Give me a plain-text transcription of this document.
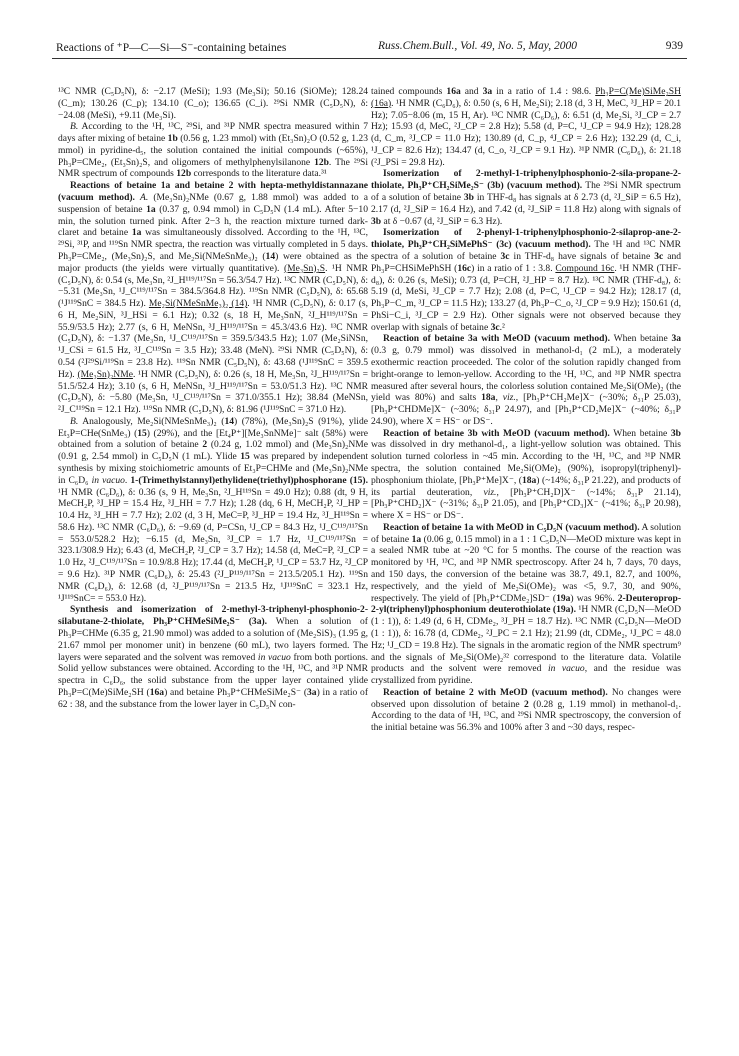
Reactions of ⁺P—C—Si—S⁻-containing betaines	Russ.Chem.Bull., Vol. 49, No. 5, May, 2000	939

¹³C NMR (C₅D₅N), δ: −2.17 (MeSi); 1.93 (Me₃Si); 50.16 (SiOMe); 128.24 (C_m); 130.26 (C_p); 134.10 (C_o); 136.65 (C_i). ²⁹Si NMR (C₅D₅N), δ: −24.08 (MeSi), +9.11 (Me₃Si).

B. According to the ¹H, ¹³C, ²⁹Si, and ³¹P NMR spectra measured within 7 days after mixing of betaine 1b (0.56 g, 1.23 mmol) with (Et₃Sn)₂O (0.52 g, 1.23 mmol) in pyridine-d₅, the solution contained the initial compounds (~65%), Ph₃P=CMe₂, (Et₃Sn)₂S, and oligomers of methylphenylsilanone 12b. The ²⁹Si NMR spectrum of compounds 12b corresponds to the literature data.³¹

Reactions of betaine 1a and betaine 2 with hepta-methyldistannazane (vacuum method). A. (Me₃Sn)₂NMe (0.67 g, 1.88 mmol) was added to a suspension of betaine 1a (0.37 g, 0.94 mmol) in C₅D₅N (1.4 mL). After 5−10 min, the solution turned pink. After 2−3 h, the reaction mixture turned dark-claret and betaine 1a was simultaneously dissolved. According to the ¹H, ¹³C, ²⁹Si, ³¹P, and ¹¹⁹Sn NMR spectra, the reaction was virtually completed in 5 days. Ph₃P=CMe₂, (Me₃Sn)₂S, and Me₂Si(NMeSnMe₃)₂ (14) were obtained as the major products (the yields were virtually quantitative). (Me₃Sn)₂S. ¹H NMR (C₅D₅N), δ: 0.54 (s, Me₃Sn, ²J_H¹¹⁹/¹¹⁷Sn = 56.3/54.7 Hz). ¹³C NMR (C₅D₅N), δ: −5.31 (Me₃Sn, ¹J_C¹¹⁹/¹¹⁷Sn = 384.5/364.8 Hz). ¹¹⁹Sn NMR (C₅D₅N), δ: 65.68 (¹J¹¹⁹SnC = 384.5 Hz). Me₂Si(NMeSnMe₃)₂ (14). ¹H NMR (C₅D₅N), δ: 0.17 (s, 6 H, Me₂SiN, ³J_HSi = 6.1 Hz); 0.32 (s, 18 H, Me₃SnN, ²J_H¹¹⁹/¹¹⁷Sn = 55.9/53.5 Hz); 2.77 (s, 6 H, MeNSn, ³J_H¹¹⁹/¹¹⁷Sn = 45.3/43.6 Hz). ¹³C NMR (C₅D₅N), δ: −1.37 (Me₃Sn, ¹J_C¹¹⁹/¹¹⁷Sn = 359.5/343.5 Hz); 1.07 (Me₂SiNSn, ¹J_CSi = 61.5 Hz, ³J_C¹¹⁹Sn = 3.5 Hz); 33.48 (MeN). ²⁹Si NMR (C₅D₅N), δ: 0.54 (²J²⁹Si/¹¹⁹Sn = 23.8 Hz). ¹¹⁹Sn NMR (C₅D₅N), δ: 43.68 (¹J¹¹⁹SnC = 359.5 Hz). (Me₃Sn)₂NMe. ¹H NMR (C₅D₅N), δ: 0.26 (s, 18 H, Me₃Sn, ²J_H¹¹⁹/¹¹⁷Sn = 51.5/52.4 Hz); 3.10 (s, 6 H, MeNSn, ³J_H¹¹⁹/¹¹⁷Sn = 53.0/51.3 Hz). ¹³C NMR (C₅D₅N), δ: −5.80 (Me₃Sn, ¹J_C¹¹⁹/¹¹⁷Sn = 371.0/355.1 Hz); 38.84 (MeNSn, ²J_C¹¹⁹Sn = 12.1 Hz). ¹¹⁹Sn NMR (C₅D₅N), δ: 81.96 (¹J¹¹⁹SnC = 371.0 Hz).

B. Analogously, Me₂Si(NMeSnMe₃)₂ (14) (78%), (Me₃Sn)₂S (91%), ylide Et₃P=CHe(SnMe₃) (15) (29%), and the [Et₄P⁺][Me₃SnNMe]⁻ salt (58%) were obtained from a solution of betaine 2 (0.24 g, 1.02 mmol) and (Me₃Sn)₂NMe (0.91 g, 2.54 mmol) in C₅D₅N (1 mL). Ylide 15 was prepared by independent synthesis by mixing stoichiometric amounts of Et₃P=CHMe and (Me₃Sn)₂NMe in C₆D₆ in vacuo. 1-(Trimethylstannyl)ethylidene(triethyl)phosphorane (15). ¹H NMR (C₆D₆), δ: 0.36 (s, 9 H, Me₃Sn, ²J_H¹¹⁹Sn = 49.0 Hz); 0.88 (dt, 9 H, MeCH₂P, ³J_HP = 15.4 Hz, ³J_HH = 7.7 Hz); 1.28 (dq, 6 H, MeCH₂P, ²J_HP = 10.4 Hz, ³J_HH = 7.7 Hz); 2.02 (d, 3 H, MeC=P, ³J_HP = 19.4 Hz, ³J_H¹¹⁹Sn = 58.6 Hz). ¹³C NMR (C₆D₆), δ: −9.69 (d, P=CSn, ¹J_CP = 84.3 Hz, ¹J_C¹¹⁹/¹¹⁷Sn = 553.0/528.2 Hz); −6.15 (d, Me₃Sn, ³J_CP = 1.7 Hz, ¹J_C¹¹⁹/¹¹⁷Sn = 323.1/308.9 Hz); 6.43 (d, MeCH₂P, ²J_CP = 3.7 Hz); 14.58 (d, MeC=P, ²J_CP = 1.0 Hz, ²J_C¹¹⁹/¹¹⁷Sn = 10.9/8.8 Hz); 17.44 (d, MeCH₂P, ¹J_CP = 53.7 Hz, ²J_CP = 9.6 Hz). ³¹P NMR (C₆D₆), δ: 25.43 (²J_P¹¹⁹/¹¹⁷Sn = 213.5/205.1 Hz). ¹¹⁹Sn NMR (C₆D₆), δ: 12.68 (d, ²J_P¹¹⁹/¹¹⁷Sn = 213.5 Hz, ¹J¹¹⁹SnC = 323.1 Hz, ¹J¹¹⁹SnC= = 553.0 Hz).

Synthesis and isomerization of 2-methyl-3-triphenyl-phosphonio-2-silabutane-2-thiolate, Ph₃P⁺CHMeSiMe₂S⁻ (3a). When a solution of Ph₃P=CHMe (6.35 g, 21.90 mmol) was added to a solution of (Me₂SiS)₃ (1.95 g, 21.67 mmol per monomer unit) in benzene (60 mL), two layers formed. The layers were separated and the solvent was removed in vacuo from both portions. Solid yellow substances were obtained. According to the ¹H, ¹³C, and ³¹P NMR spectra in C₆D₆, the solid substance from the upper layer contained ylide Ph₃P=C(Me)SiMe₂SH (16a) and betaine Ph₃P⁺CHMeSiMe₂S⁻ (3a) in a ratio of 62 : 38, and the substance from the lower layer in C₅D₅N con-

tained compounds 16a and 3a in a ratio of 1.4 : 98.6. Ph₃P=C(Me)SiMe₂SH (16a). ¹H NMR (C₆D₆), δ: 0.50 (s, 6 H, Me₂Si); 2.18 (d, 3 H, MeC, ³J_HP = 20.1 Hz); 7.05−8.06 (m, 15 H, Ar). ¹³C NMR (C₆D₆), δ: 6.51 (d, Me₂Si, ³J_CP = 2.7 Hz); 15.93 (d, MeC, ²J_CP = 2.8 Hz); 5.58 (d, P=C, ¹J_CP = 94.9 Hz); 128.28 (d, C_m, ³J_CP = 11.0 Hz); 130.89 (d, C_p, ⁴J_CP = 2.6 Hz); 132.29 (d, C_i, ¹J_CP = 82.6 Hz); 134.47 (d, C_o, ²J_CP = 9.1 Hz). ³¹P NMR (C₆D₆), δ: 21.18 (²J_PSi = 29.8 Hz).

Isomerization of 2-methyl-1-triphenylphosphonio-2-sila-propane-2-thiolate, Ph₃P⁺CH₂SiMe₂S⁻ (3b) (vacuum method). The ²⁹Si NMR spectrum of a solution of betaine 3b in THF-d₈ has signals at δ 2.73 (d, ²J_SiP = 6.5 Hz), 2.17 (d, ²J_SiP = 16.4 Hz), and 7.42 (d, ²J_SiP = 11.8 Hz) along with signals of 3b at δ −0.67 (d, ²J_SiP = 6.3 Hz).

Isomerization of 2-phenyl-1-triphenylphosphonio-2-silaprop-ane-2-thiolate, Ph₃P⁺CH₂SiMePhS⁻ (3c) (vacuum method). The ¹H and ¹³C NMR spectra of a solution of betaine 3c in THF-d₈ have signals of betaine 3c and Ph₃P=CHSiMePhSH (16c) in a ratio of 1 : 3.8. Compound 16c. ¹H NMR (THF-d₈), δ: 0.26 (s, MeSi); 0.73 (d, P=CH, ²J_HP = 8.7 Hz). ¹³C NMR (THF-d₈), δ: 5.19 (d, MeSi, ³J_CP = 7.7 Hz); 2.08 (d, P=C, ¹J_CP = 94.2 Hz); 128.17 (d, Ph₃P−C_m, ³J_CP = 11.5 Hz); 133.27 (d, Ph₃P−C_o, ²J_CP = 9.9 Hz); 150.61 (d, PhSi−C_i, ³J_CP = 2.9 Hz). Other signals were not observed because they overlap with signals of betaine 3c.²

Reaction of betaine 3a with MeOD (vacuum method). When betaine 3a (0.3 g, 0.79 mmol) was dissolved in methanol-d₁ (2 mL), a moderately exothermic reaction proceeded. The color of the solution rapidly changed from bright-orange to lemon-yellow. According to the ¹H, ¹³C, and ³¹P NMR spectra measured after several hours, the colorless solution contained Me₂Si(OMe)₂ (the yield was 80%) and salts 18a, viz., [Ph₃P⁺CH₂Me]X⁻ (~30%; δ₃₁P 25.03), [Ph₃P⁺CHDMe]X⁻ (~30%; δ₃₁P 24.97), and [Ph₃P⁺CD₂Me]X⁻ (~40%; δ₃₁P 24.90), where X = HS⁻ or DS⁻.

Reaction of betaine 3b with MeOD (vacuum method). When betaine 3b was dissolved in dry methanol-d₁, a light-yellow solution was obtained. This solution turned colorless in ~45 min. According to the ¹H, ¹³C, and ³¹P NMR spectra, the solution contained Me₂Si(OMe)₂ (90%), isopropyl(triphenyl)-phosphonium thiolate, [Ph₃P⁺Me]X⁻, (18a) (~14%; δ₃₁P 21.22), and products of its partial deuteration, viz., [Ph₃P⁺CH₂D]X⁻ (~14%; δ₃₁P 21.14), [Ph₃P⁺CHD₂]X⁻ (~31%; δ₃₁P 21.05), and [Ph₃P⁺CD₃]X⁻ (~41%; δ₃₁P 20.98), where X = HS⁻ or DS⁻.

Reaction of betaine 1a with MeOD in C₅D₅N (vacuum method). A solution of betaine 1a (0.06 g, 0.15 mmol) in a 1 : 1 C₅D₅N—MeOD mixture was kept in a sealed NMR tube at ~20 °C for 5 months. The course of the reaction was monitored by ¹H, ¹³C, and ³¹P NMR spectroscopy. After 24 h, 7 days, 70 days, and 150 days, the conversion of the betaine was 38.7, 49.1, 82.7, and 100%, respectively, and the yield of Me₂Si(OMe)₂ was <5, 9.7, 30, and 90%, respectively. The yield of [Ph₃P⁺CDMe₂]SD⁻ (19a) was 96%. 2-Deuteroprop-2-yl(triphenyl)phosphonium deuterothiolate (19a). ¹H NMR (C₅D₅N—MeOD (1 : 1)), δ: 1.49 (d, 6 H, CDMe₂, ³J_PH = 18.7 Hz). ¹³C NMR (C₅D₅N—MeOD (1 : 1)), δ: 16.78 (d, CDMe₂, ²J_PC = 2.1 Hz); 21.99 (dt, CDMe₂, ¹J_PC = 48.0 Hz; ¹J_CD = 19.8 Hz). The signals in the aromatic region of the NMR spectrum⁹ and the signals of Me₂Si(OMe)₂³² correspond to the literature data. Volatile products and the solvent were removed in vacuo, and the residue was crystallized from pyridine.

Reaction of betaine 2 with MeOD (vacuum method). No changes were observed upon dissolution of betaine 2 (0.28 g, 1.19 mmol) in methanol-d₁. According to the data of ¹H, ¹³C, and ²⁹Si NMR spectroscopy, the conversion of the initial betaine was 56.3% and 100% after 3 and ~30 days, respec-
